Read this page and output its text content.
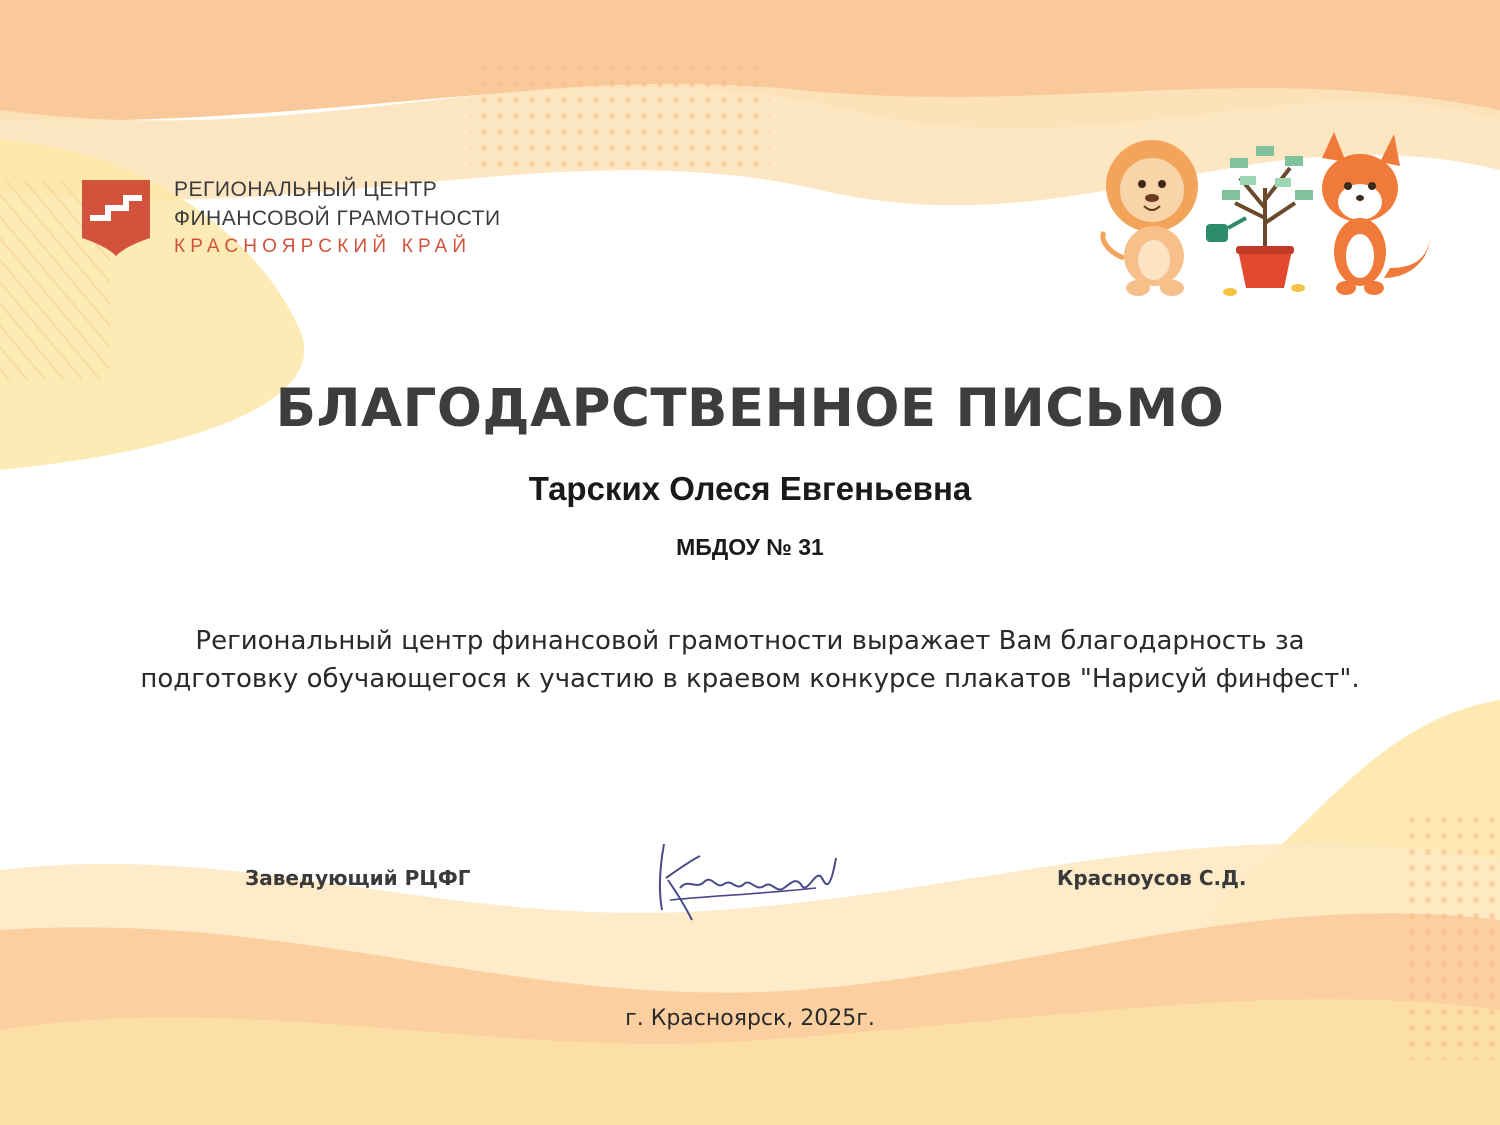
РЕГИОНАЛЬНЫЙ ЦЕНТР
ФИНАНСОВОЙ ГРАМОТНОСТИ
КРАСНОЯРСКИЙ КРАЙ
БЛАГОДАРСТВЕННОЕ ПИСЬМО
Тарских Олеся Евгеньевна
МБДОУ № 31
Региональный центр финансовой грамотности выражает Вам благодарность за
подготовку обучающегося к участию в краевом конкурсе плакатов "Нарисуй финфест".
Заведующий РЦФГ	Красноусов С.Д.
г. Красноярск, 2025г.
